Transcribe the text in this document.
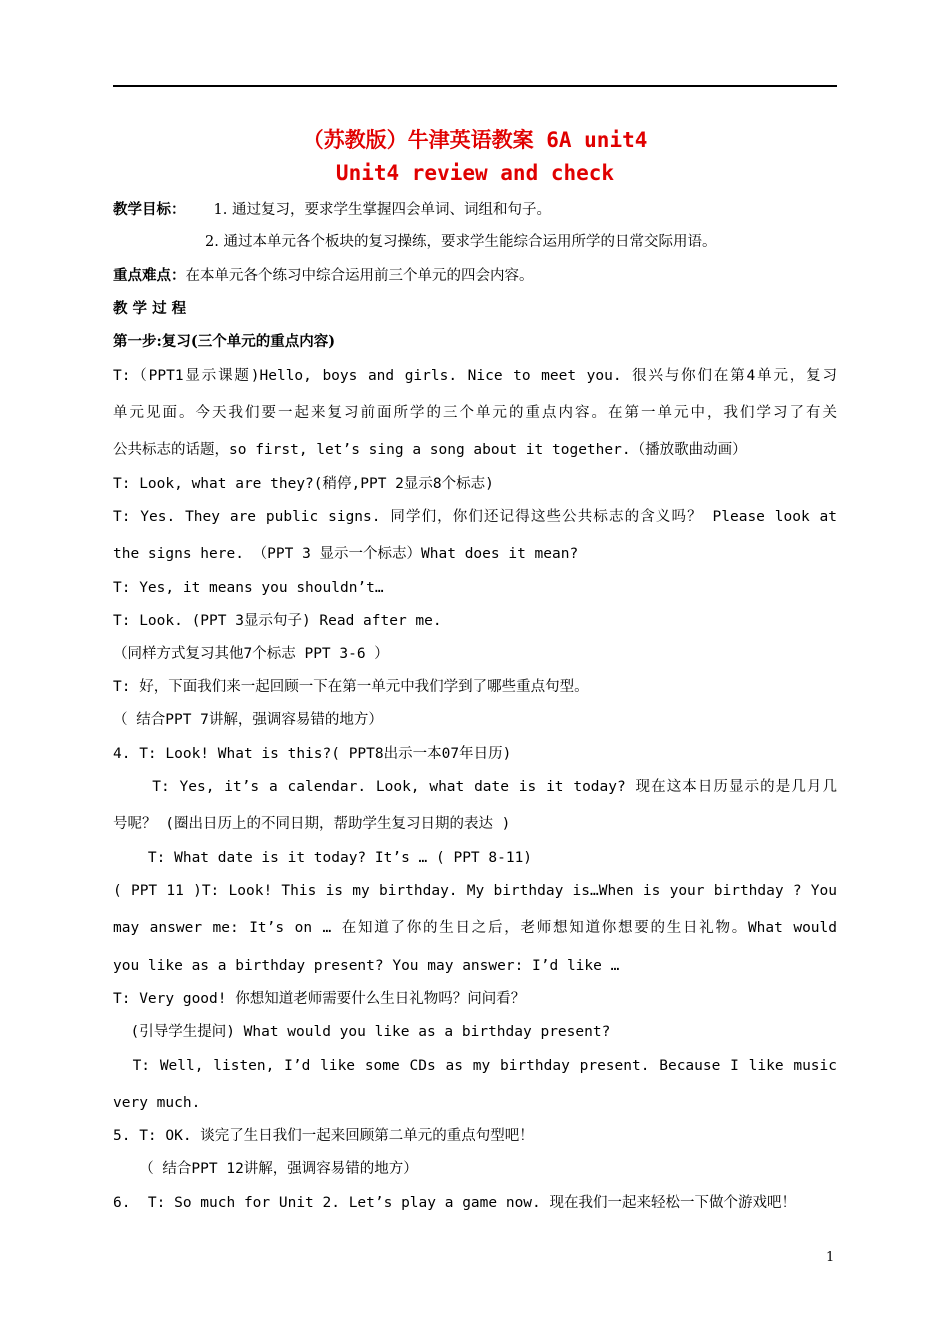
（苏教版）牛津英语教案 6A unit4
Unit4 review and check
教学目标： 1. 通过复习，要求学生掌握四会单词、词组和句子。
2. 通过本单元各个板块的复习操练，要求学生能综合运用所学的日常交际用语。
重点难点：在本单元各个练习中综合运用前三个单元的四会内容。
教 学 过 程
第一步:复习(三个单元的重点内容)
T:（PPT1显示课题)Hello, boys and girls. Nice to meet you. 很兴与你们在第4单元，复习
单元见面。今天我们要一起来复习前面所学的三个单元的重点内容。在第一单元中，我们学习了有关
公共标志的话题，so first, let’s sing a song about it together.（播放歌曲动画）
T: Look, what are they?(稍停,PPT 2显示8个标志)
T: Yes. They are public signs. 同学们，你们还记得这些公共标志的含义吗？ Please look at
the signs here. （PPT 3 显示一个标志）What does it mean?
T: Yes, it means you shouldn’t…
T: Look. (PPT 3显示句子) Read after me.
（同样方式复习其他7个标志 PPT 3-6 ）
T: 好，下面我们来一起回顾一下在第一单元中我们学到了哪些重点句型。
（ 结合PPT 7讲解，强调容易错的地方）
4. T: Look! What is this?( PPT8出示一本07年日历)
T: Yes, it’s a calendar. Look, what date is it today? 现在这本日历显示的是几月几
号呢？ (圈出日历上的不同日期，帮助学生复习日期的表达 )
T: What date is it today? It’s … ( PPT 8-11)
( PPT 11 )T: Look! This is my birthday. My birthday is…When is your birthday ? You
may answer me: It’s on … 在知道了你的生日之后，老师想知道你想要的生日礼物。What would
you like as a birthday present? You may answer: I’d like …
T: Very good! 你想知道老师需要什么生日礼物吗？问问看？
(引导学生提问) What would you like as a birthday present?
T: Well, listen, I’d like some CDs as my birthday present. Because I like music
very much.
5. T: OK. 谈完了生日我们一起来回顾第二单元的重点句型吧！
（ 结合PPT 12讲解，强调容易错的地方）
6.  T: So much for Unit 2. Let’s play a game now. 现在我们一起来轻松一下做个游戏吧！
1
